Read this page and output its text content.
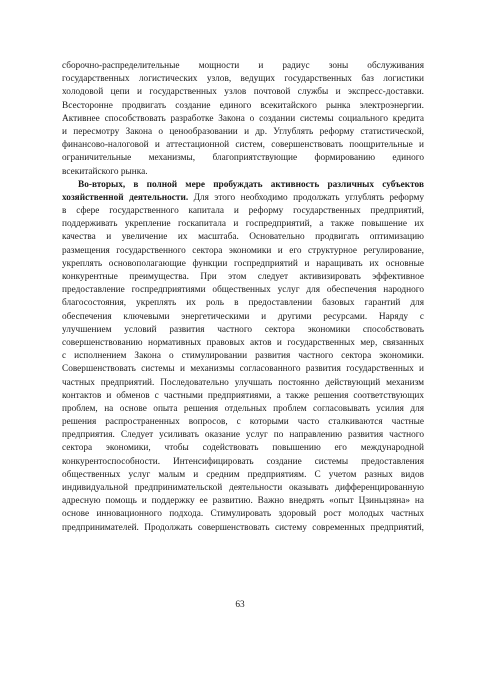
сборочно-распределительные мощности и радиус зоны обслуживания
государственных логистических узлов, ведущих государственных баз логистики
холодовой цепи и государственных узлов почтовой службы и экспресс-доставки.
Всесторонне продвигать создание единого всекитайского рынка электроэнергии.
Активнее способствовать разработке Закона о создании системы социального кредита
и пересмотру Закона о ценообразовании и др. Углублять реформу статистической,
финансово-налоговой и аттестационной систем, совершенствовать поощрительные и
ограничительные механизмы, благоприятствующие формированию единого
всекитайского рынка.
Во-вторых, в полной мере пробуждать активность различных субъектов
хозяйственной деятельности. Для этого необходимо продолжать углублять реформу
в сфере государственного капитала и реформу государственных предприятий,
поддерживать укрепление госкапитала и госпредприятий, а также повышение их
качества и увеличение их масштаба. Основательно продвигать оптимизацию
размещения государственного сектора экономики и его структурное регулирование,
укреплять основополагающие функции госпредприятий и наращивать их основные
конкурентные преимущества. При этом следует активизировать эффективное
предоставление госпредприятиями общественных услуг для обеспечения народного
благосостояния, укреплять их роль в предоставлении базовых гарантий для
обеспечения ключевыми энергетическими и другими ресурсами. Наряду с
улучшением условий развития частного сектора экономики способствовать
совершенствованию нормативных правовых актов и государственных мер, связанных
с исполнением Закона о стимулировании развития частного сектора экономики.
Совершенствовать системы и механизмы согласованного развития государственных и
частных предприятий. Последовательно улучшать постоянно действующий механизм
контактов и обменов с частными предприятиями, а также решения соответствующих
проблем, на основе опыта решения отдельных проблем согласовывать усилия для
решения распространенных вопросов, с которыми часто сталкиваются частные
предприятия. Следует усиливать оказание услуг по направлению развития частного
сектора экономики, чтобы содействовать повышению его международной
конкурентоспособности. Интенсифицировать создание системы предоставления
общественных услуг малым и средним предприятиям. С учетом разных видов
индивидуальной предпринимательской деятельности оказывать дифференцированную
адресную помощь и поддержку ее развитию. Важно внедрять «опыт Цзиньцзяна» на
основе инновационного подхода. Стимулировать здоровый рост молодых частных
предпринимателей. Продолжать совершенствовать систему современных предприятий,
63
